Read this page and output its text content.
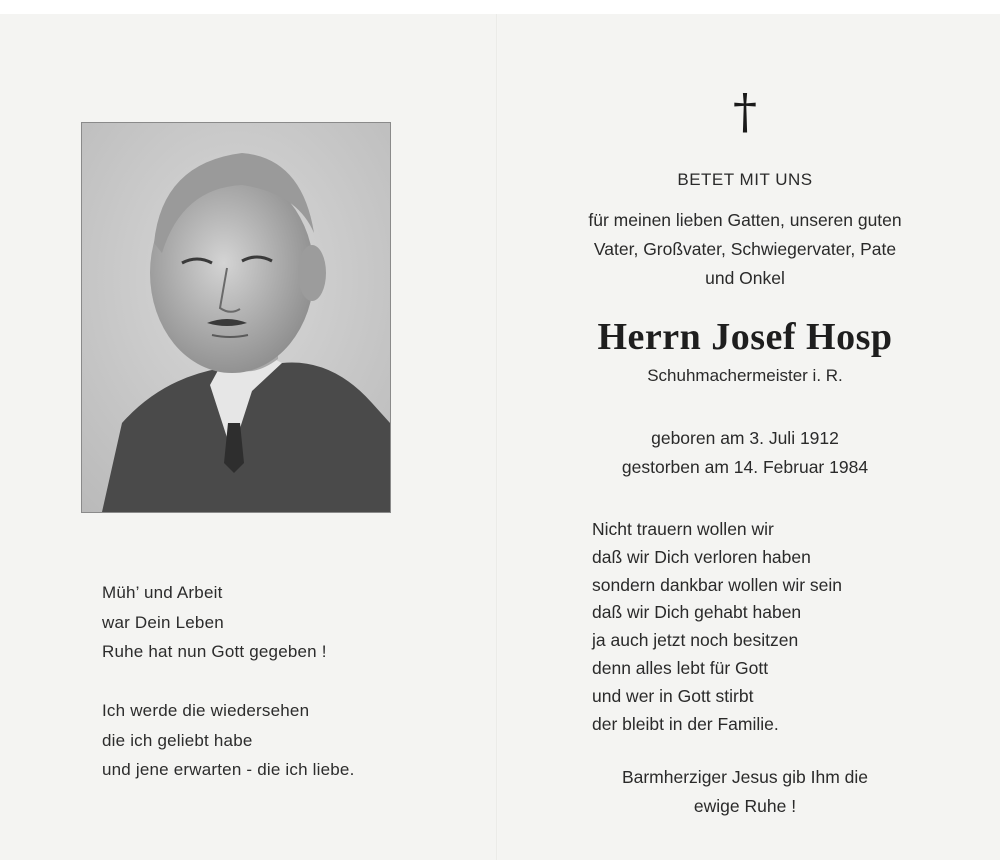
Müh’ und Arbeit
war Dein Leben
Ruhe hat nun Gott gegeben !
Ich werde die wiedersehen
die ich geliebt habe
und jene erwarten - die ich liebe.
†
BETET MIT UNS
für meinen lieben Gatten, unseren guten
Vater, Großvater, Schwiegervater, Pate
und Onkel
Herrn Josef Hosp
Schuhmachermeister i. R.
geboren am 3. Juli 1912
gestorben am 14. Februar 1984
Nicht trauern wollen wir
daß wir Dich verloren haben
sondern dankbar wollen wir sein
daß wir Dich gehabt haben
ja auch jetzt noch besitzen
denn alles lebt für Gott
und wer in Gott stirbt
der bleibt in der Familie.
Barmherziger Jesus gib Ihm die
ewige Ruhe !
